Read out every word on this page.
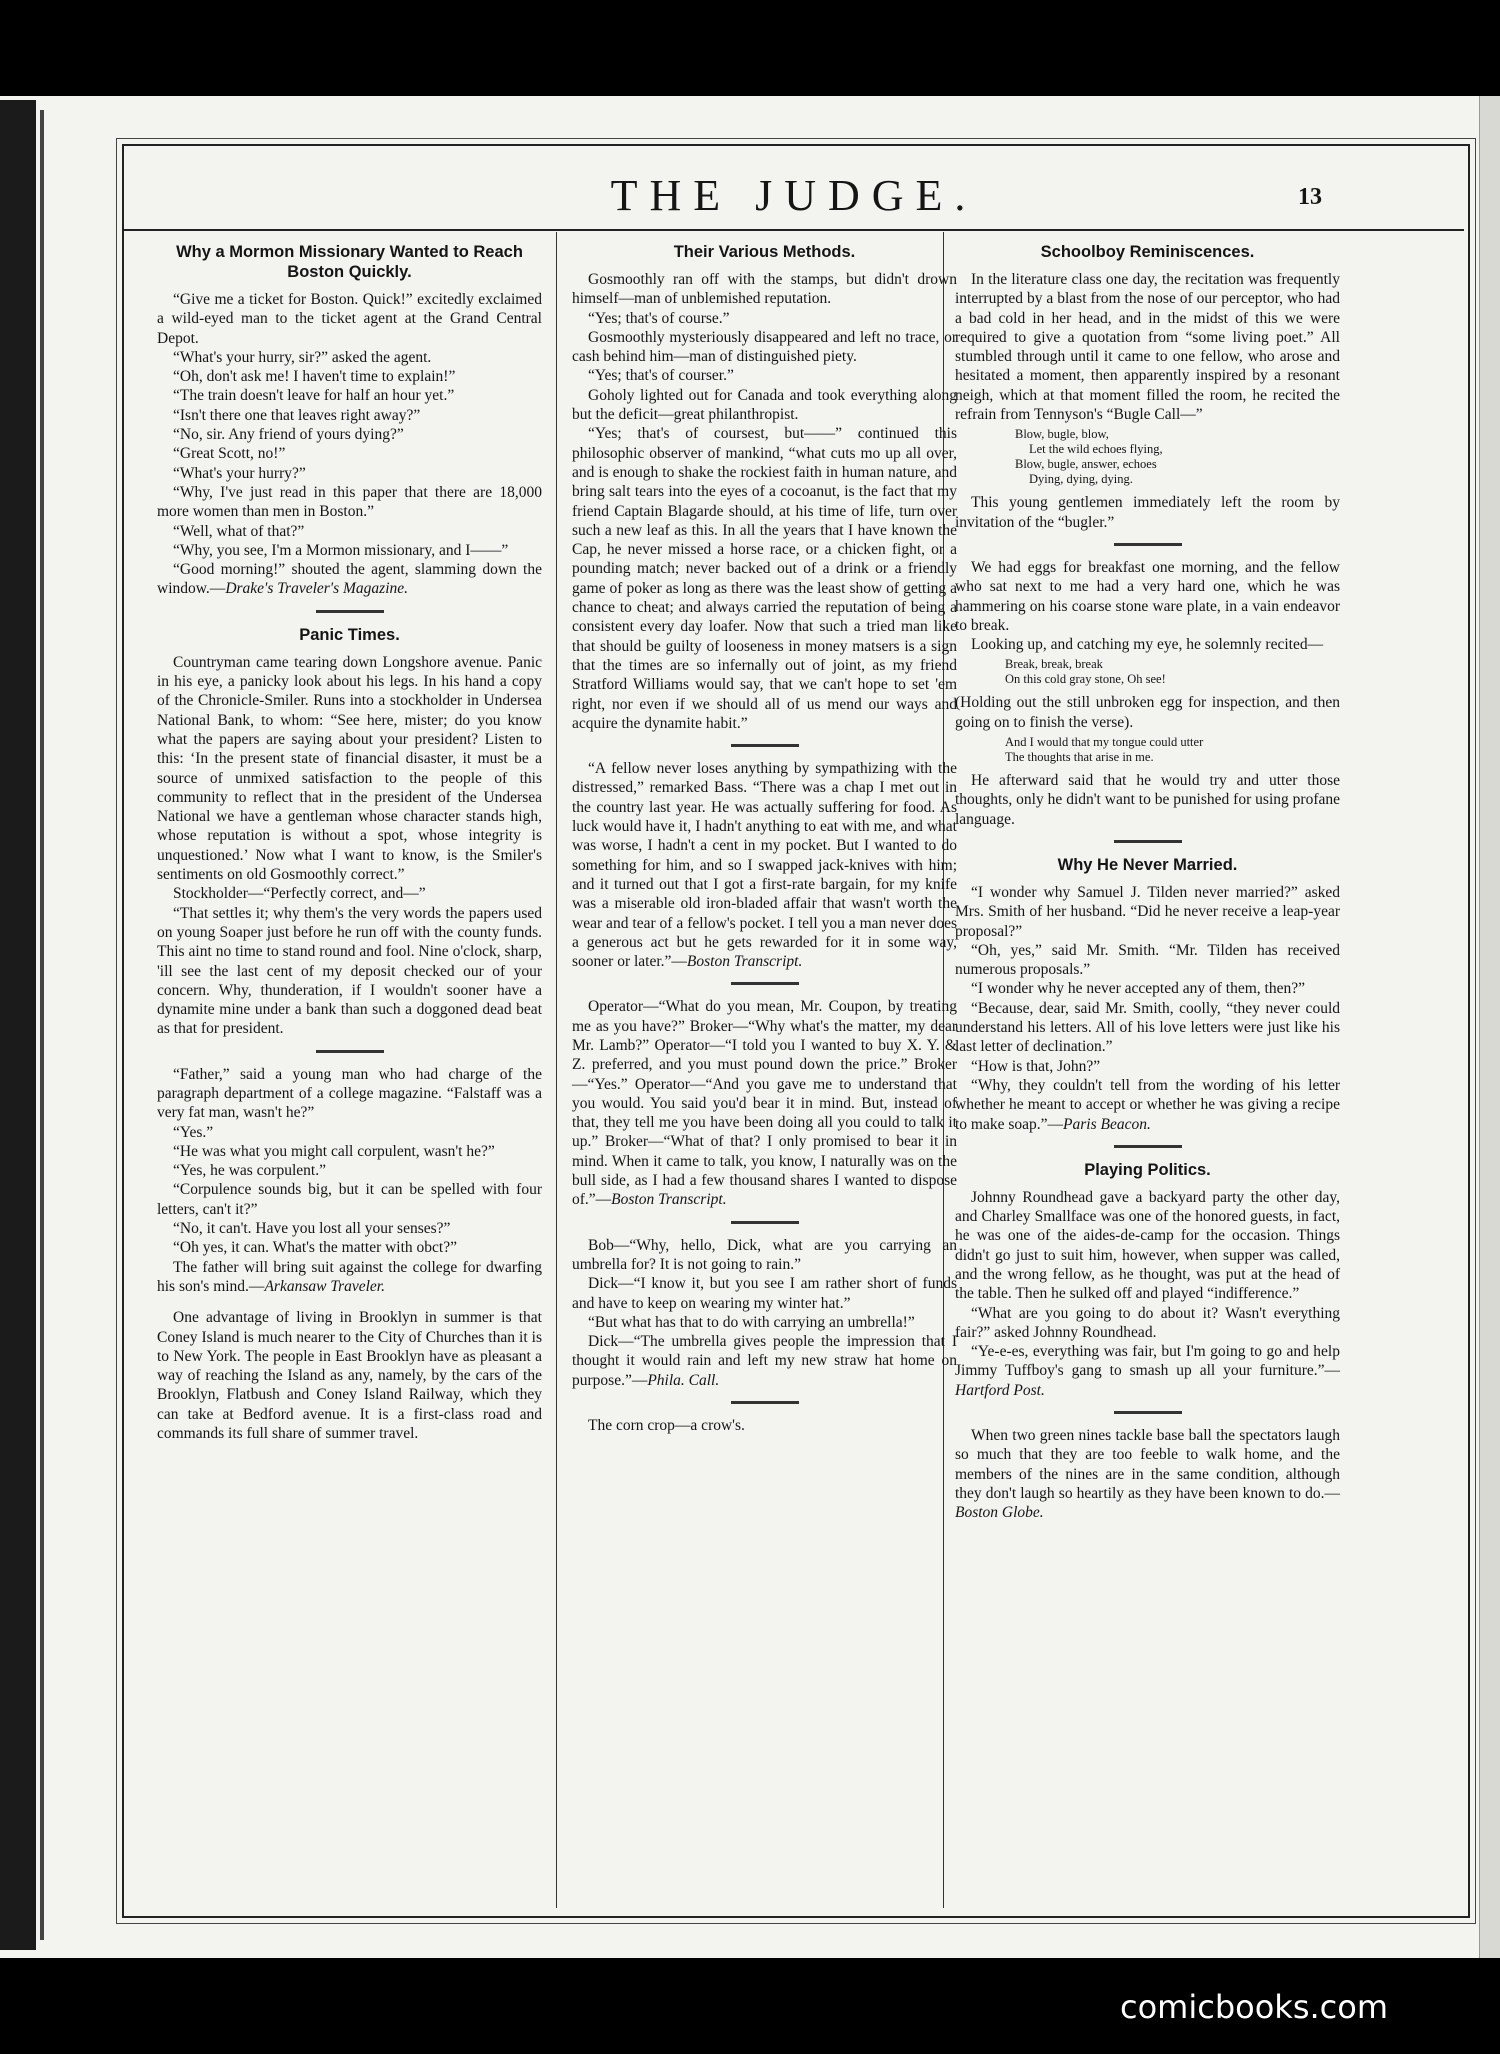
THE JUDGE.	13
Why a Mormon Missionary Wanted to Reach Boston Quickly.

“Give me a ticket for Boston. Quick!” excitedly exclaimed a wild-eyed man to the ticket agent at the Grand Central Depot.

“What's your hurry, sir?” asked the agent.

“Oh, don't ask me! I haven't time to explain!”

“The train doesn't leave for half an hour yet.”

“Isn't there one that leaves right away?”

“No, sir. Any friend of yours dying?”

“Great Scott, no!”

“What's your hurry?”

“Why, I've just read in this paper that there are 18,000 more women than men in Boston.”

“Well, what of that?”

“Why, you see, I'm a Mormon missionary, and I——”

“Good morning!” shouted the agent, slamming down the window.—Drake's Traveler's Magazine.

Panic Times.

Countryman came tearing down Longshore avenue. Panic in his eye, a panicky look about his legs. In his hand a copy of the Chronicle-Smiler. Runs into a stockholder in Undersea National Bank, to whom: “See here, mister; do you know what the papers are saying about your president? Listen to this: ‘In the present state of financial disaster, it must be a source of unmixed satisfaction to the people of this community to reflect that in the president of the Undersea National we have a gentleman whose character stands high, whose reputation is without a spot, whose integrity is unquestioned.’ Now what I want to know, is the Smiler's sentiments on old Gosmoothly correct.”

Stockholder—“Perfectly correct, and—”

“That settles it; why them's the very words the papers used on young Soaper just before he run off with the county funds. This aint no time to stand round and fool. Nine o'clock, sharp, 'ill see the last cent of my deposit checked our of your concern. Why, thunderation, if I wouldn't sooner have a dynamite mine under a bank than such a doggoned dead beat as that for president.

“Father,” said a young man who had charge of the paragraph department of a college magazine. “Falstaff was a very fat man, wasn't he?”

“Yes.”

“He was what you might call corpulent, wasn't he?”

“Yes, he was corpulent.”

“Corpulence sounds big, but it can be spelled with four letters, can't it?”

“No, it can't. Have you lost all your senses?”

“Oh yes, it can. What's the matter with obct?”

The father will bring suit against the college for dwarfing his son's mind.—Arkansaw Traveler.

One advantage of living in Brooklyn in summer is that Coney Island is much nearer to the City of Churches than it is to New York. The people in East Brooklyn have as pleasant a way of reaching the Island as any, namely, by the cars of the Brooklyn, Flatbush and Coney Island Railway, which they can take at Bedford avenue. It is a first-class road and commands its full share of summer travel.

Their Various Methods.

Gosmoothly ran off with the stamps, but didn't drown himself—man of unblemished reputation.

“Yes; that's of course.”

Gosmoothly mysteriously disappeared and left no trace, or cash behind him—man of distinguished piety.

“Yes; that's of courser.”

Goholy lighted out for Canada and took everything along but the deficit—great philanthropist.

“Yes; that's of coursest, but——” continued this philosophic observer of mankind, “what cuts mo up all over, and is enough to shake the rockiest faith in human nature, and bring salt tears into the eyes of a cocoanut, is the fact that my friend Captain Blagarde should, at his time of life, turn over such a new leaf as this. In all the years that I have known the Cap, he never missed a horse race, or a chicken fight, or a pounding match; never backed out of a drink or a friendly game of poker as long as there was the least show of getting a chance to cheat; and always carried the reputation of being a consistent every day loafer. Now that such a tried man like that should be guilty of looseness in money matsers is a sign that the times are so infernally out of joint, as my friend Stratford Williams would say, that we can't hope to set 'em right, nor even if we should all of us mend our ways and acquire the dynamite habit.”

“A fellow never loses anything by sympathizing with the distressed,” remarked Bass. “There was a chap I met out in the country last year. He was actually suffering for food. As luck would have it, I hadn't anything to eat with me, and what was worse, I hadn't a cent in my pocket. But I wanted to do something for him, and so I swapped jack-knives with him; and it turned out that I got a first-rate bargain, for my knife was a miserable old iron-bladed affair that wasn't worth the wear and tear of a fellow's pocket. I tell you a man never does a generous act but he gets rewarded for it in some way, sooner or later.”—Boston Transcript.

Operator—“What do you mean, Mr. Coupon, by treating me as you have?” Broker—“Why what's the matter, my dear Mr. Lamb?” Operator—“I told you I wanted to buy X. Y. & Z. preferred, and you must pound down the price.” Broker—“Yes.” Operator—“And you gave me to understand that you would. You said you'd bear it in mind. But, instead of that, they tell me you have been doing all you could to talk it up.” Broker—“What of that? I only promised to bear it in mind. When it came to talk, you know, I naturally was on the bull side, as I had a few thousand shares I wanted to dispose of.”—Boston Transcript.

Bob—“Why, hello, Dick, what are you carrying an umbrella for? It is not going to rain.”

Dick—“I know it, but you see I am rather short of funds and have to keep on wearing my winter hat.”

“But what has that to do with carrying an umbrella!”

Dick—“The umbrella gives people the impression that I thought it would rain and left my new straw hat home on purpose.”—Phila. Call.

The corn crop—a crow's.

Schoolboy Reminiscences.

In the literature class one day, the recitation was frequently interrupted by a blast from the nose of our perceptor, who had a bad cold in her head, and in the midst of this we were required to give a quotation from “some living poet.” All stumbled through until it came to one fellow, who arose and hesitated a moment, then apparently inspired by a resonant neigh, which at that moment filled the room, he recited the refrain from Tennyson's “Bugle Call—”

Blow, bugle, blow,
Let the wild echoes flying,
Blow, bugle, answer, echoes
Dying, dying, dying.

This young gentlemen immediately left the room by invitation of the “bugler.”

We had eggs for breakfast one morning, and the fellow who sat next to me had a very hard one, which he was hammering on his coarse stone ware plate, in a vain endeavor to break.

Looking up, and catching my eye, he solemnly recited—

Break, break, break
On this cold gray stone, Oh see!

(Holding out the still unbroken egg for inspection, and then going on to finish the verse).

And I would that my tongue could utter
The thoughts that arise in me.

He afterward said that he would try and utter those thoughts, only he didn't want to be punished for using profane language.

Why He Never Married.

“I wonder why Samuel J. Tilden never married?” asked Mrs. Smith of her husband. “Did he never receive a leap-year proposal?”

“Oh, yes,” said Mr. Smith. “Mr. Tilden has received numerous proposals.”

“I wonder why he never accepted any of them, then?”

“Because, dear, said Mr. Smith, coolly, “they never could understand his letters. All of his love letters were just like his last letter of declination.”

“How is that, John?”

“Why, they couldn't tell from the wording of his letter whether he meant to accept or whether he was giving a recipe to make soap.”—Paris Beacon.

Playing Politics.

Johnny Roundhead gave a backyard party the other day, and Charley Smallface was one of the honored guests, in fact, he was one of the aides-de-camp for the occasion. Things didn't go just to suit him, however, when supper was called, and the wrong fellow, as he thought, was put at the head of the table. Then he sulked off and played “indifference.”

“What are you going to do about it? Wasn't everything fair?” asked Johnny Roundhead.

“Ye-e-es, everything was fair, but I'm going to go and help Jimmy Tuffboy's gang to smash up all your furniture.”—Hartford Post.

When two green nines tackle base ball the spectators laugh so much that they are too feeble to walk home, and the members of the nines are in the same condition, although they don't laugh so heartily as they have been known to do.—Boston Globe.

comicbooks.com
